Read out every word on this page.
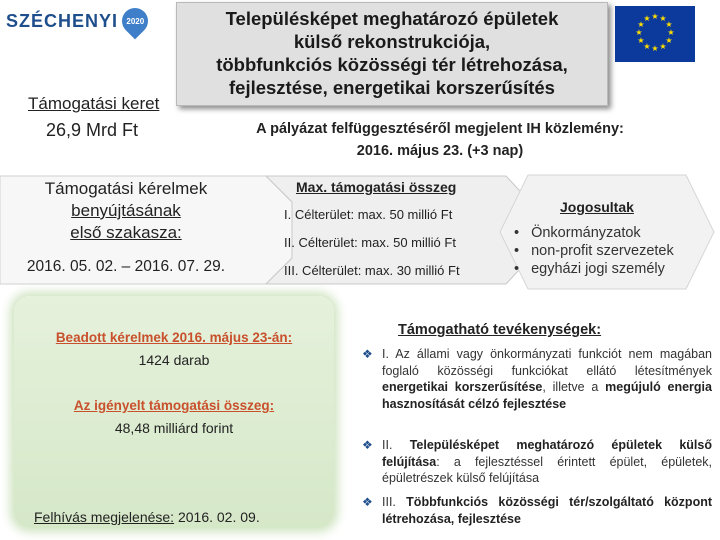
SZÉCHENYI 2020	Településképet meghatározó épületek
külső rekonstrukciója,
többfunkciós közösségi tér létrehozása,
fejlesztése, energetikai korszerűsítés
★ ★
★
★
★
★
★
★
★
★
★
★
Támogatási keret
26,9 Mrd Ft	A pályázat felfüggesztéséről megjelent IH közlemény:
2016. május 23. (+3 nap)
Támogatási kérelmek
benyújtásának
első szakasza:
2016. 05. 02. – 2016. 07. 29.
Max. támogatási összeg
I. Célterület: max. 50 millió Ft
II. Célterület: max. 50 millió Ft
III. Célterület: max. 30 millió Ft
Jogosultak
• Önkormányzatok
• non-profit szervezetek
• egyházi jogi személy
Beadott kérelmek 2016. május 23-án:
1424 darab
Az igényelt támogatási összeg:
48,48 milliárd forint
Felhívás megjelenése: 2016. 02. 09.
Támogatható tevékenységek:
❖ I. Az állami vagy önkormányzati funkciót nem magában foglaló közösségi funkciókat ellátó létesítmények energetikai korszerűsítése, illetve a megújuló energia hasznosítását célzó fejlesztése
❖ II. Településképet meghatározó épületek külső felújítása: a fejlesztéssel érintett épület, épületek, épületrészek külső felújítása
❖ III. Többfunkciós közösségi tér/szolgáltató központ létrehozása, fejlesztése
